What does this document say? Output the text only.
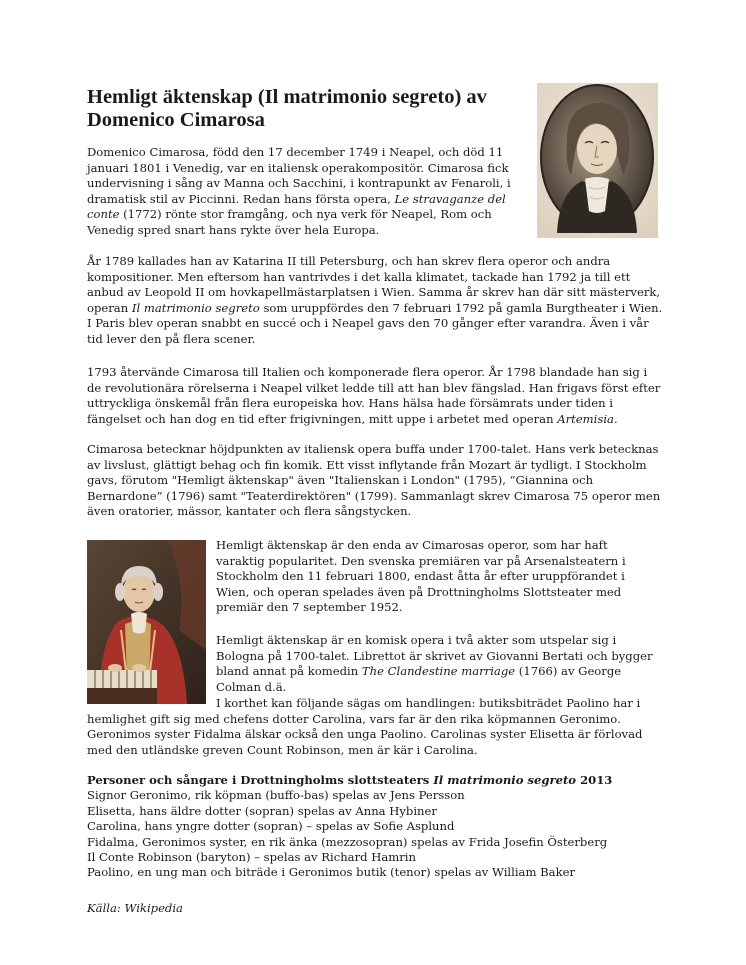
Hemligt äktenskap (Il matrimonio segreto) av Domenico Cimarosa

Domenico Cimarosa, född den 17 december 1749 i Neapel, och död 11 januari 1801 i Venedig, var en italiensk operakompositör. Cimarosa fick undervisning i sång av Manna och Sacchini, i kontrapunkt av Fenaroli, i dramatisk stil av Piccinni. Redan hans första opera, Le stravaganze del conte (1772) rönte stor framgång, och nya verk för Neapel, Rom och Venedig spred snart hans rykte över hela Europa.

År 1789 kallades han av Katarina II till Petersburg, och han skrev flera operor och andra kompositioner. Men eftersom han vantrivdes i det kalla klimatet, tackade han 1792 ja till ett anbud av Leopold II om hovkapellmästarplatsen i Wien. Samma år skrev han där sitt mästerverk, operan Il matrimonio segreto som uruppfördes den 7 februari 1792 på gamla Burgtheater i Wien. I Paris blev operan snabbt en succé och i Neapel gavs den 70 gånger efter varandra. Även i vår tid lever den på flera scener.

1793 återvände Cimarosa till Italien och komponerade flera operor. År 1798 blandade han sig i de revolutionära rörelserna i Neapel vilket ledde till att han blev fängslad. Han frigavs först efter uttryckliga önskemål från flera europeiska hov. Hans hälsa hade försämrats under tiden i fängelset och han dog en tid efter frigivningen, mitt uppe i arbetet med operan Artemisia.

Cimarosa betecknar höjdpunkten av italiensk opera buffa under 1700-talet. Hans verk betecknas av livslust, glättigt behag och fin komik. Ett visst inflytande från Mozart är tydligt. I Stockholm gavs, förutom "Hemligt äktenskap" även "Italienskan i London" (1795), “Giannina och Bernardone” (1796) samt "Teaterdirektören" (1799). Sammanlagt skrev Cimarosa 75 operor men även oratorier, mässor, kantater och flera sångstycken.

Hemligt äktenskap är den enda av Cimarosas operor, som har haft varaktig popularitet. Den svenska premiären var på Arsenalsteatern i Stockholm den 11 februari 1800, endast åtta år efter uruppförandet i Wien, och operan spelades även på Drottningholms Slottsteater med premiär den 7 september 1952.

Hemligt äktenskap är en komisk opera i två akter som utspelar sig i Bologna på 1700-talet. Librettot är skrivet av Giovanni Bertati och bygger bland annat på komedin The Clandestine marriage (1766) av George Colman d.ä.

I korthet kan följande sägas om handlingen: butiksbiträdet Paolino har i hemlighet gift sig med chefens dotter Carolina, vars far är den rika köpmannen Geronimo. Geronimos syster Fidalma älskar också den unga Paolino. Carolinas syster Elisetta är förlovad med den utländske greven Count Robinson, men är kär i Carolina.

Personer och sångare i Drottningholms slottsteaters Il matrimonio segreto 2013
Signor Geronimo, rik köpman (buffo-bas) spelas av Jens Persson
Elisetta, hans äldre dotter (sopran) spelas av Anna Hybiner
Carolina, hans yngre dotter (sopran) – spelas av Sofie Asplund
Fidalma, Geronimos syster, en rik änka (mezzosopran) spelas av Frida Josefin Österberg
Il Conte Robinson (baryton) – spelas av Richard Hamrin
Paolino, en ung man och biträde i Geronimos butik (tenor) spelas av William Baker
Källa: Wikipedia
